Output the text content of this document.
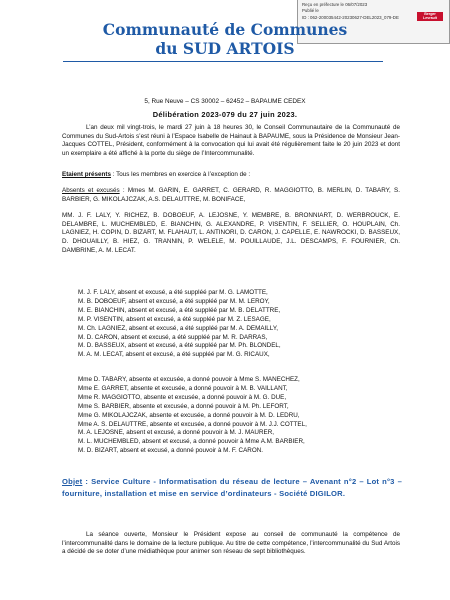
Reçu en préfecture le 06/07/2023
Publié le
ID : 062-200035442-20230627-DEL2023_079-DE
Berger Levrault
Communauté de Communes
du SUD ARTOIS
5, Rue Neuve – CS 30002 – 62452 – BAPAUME CEDEX
Délibération 2023-079 du 27 juin 2023.
L’an deux mil vingt-trois, le mardi 27 juin à 18 heures 30, le Conseil Communautaire de la Communauté de Communes du Sud-Artois s’est réuni à l’Espace Isabelle de Hainaut à BAPAUME, sous la Présidence de Monsieur Jean-Jacques COTTEL, Président, conformément à la convocation qui lui avait été régulièrement faite le 20 juin 2023 et dont un exemplaire a été affiché à la porte du siège de l’Intercommunalité.
Etaient présents : Tous les membres en exercice à l’exception de :
Absents et excusés : Mmes M. GARIN, E. GARRET, C. GERARD, R. MAGGIOTTO, B. MERLIN, D. TABARY, S. BARBIER, G. MIKOLAJCZAK, A.S. DELAUTTRE, M. BONIFACE,
MM. J. F. LALY, Y. RICHEZ, B. DOBOEUF, A. LEJOSNE, Y. MEMBRE, B. BRONNIART, D. WERBROUCK, E. DELAMBRE, L. MUCHEMBLED, E. BIANCHIN, G. ALEXANDRE, P. VISENTIN, F. SELLIER, O. HOUPLAIN, Ch. LAGNIEZ, H. COPIN, D. BIZART, M. FLAHAUT, L. ANTINORI, D. CARON, J. CAPELLE, E. NAWROCKI, D. BASSEUX, D. DHOUAILLY, B. HIEZ, G. TRANNIN, P. WELELE, M. POUILLAUDE, J.L. DESCAMPS, F. FOURNIER, Ch. DAMBRINE, A. M. LECAT.
M. J. F. LALY, absent et excusé, a été suppléé par M. G. LAMOTTE,
M. B. DOBOEUF, absent et excusé, a été suppléé par M. M. LEROY,
M. E. BIANCHIN, absent et excusé, a été suppléé par M. B. DELATTRE,
M. P. VISENTIN, absent et excusé, a été suppléé par M. Z. LESAGE,
M. Ch. LAGNIEZ, absent et excusé, a été suppléé par M. A. DEMAILLY,
M. D. CARON, absent et excusé, a été suppléé par M. R. DARRAS,
M. D. BASSEUX, absent et excusé, a été suppléé par M. Ph. BLONDEL,
M. A. M. LECAT, absent et excusé, a été suppléé par M. G. RICAUX,
Mme D. TABARY, absente et excusée, a donné pouvoir à Mme S. MANECHEZ,
Mme E. GARRET, absente et excusée, a donné pouvoir à M. B. VAILLANT,
Mme R. MAGGIOTTO, absente et excusée, a donné pouvoir à M. G. DUE,
Mme S. BARBIER, absente et excusée, a donné pouvoir à M. Ph. LEFORT,
Mme G. MIKOLAJCZAK, absente et excusée, a donné pouvoir à M. D. LEDRU,
Mme A. S. DELAUTTRE, absente et excusée, a donné pouvoir à M. J.J. COTTEL,
M. A. LEJOSNE, absent et excusé, a donné pouvoir à M. J. MAURER,
M. L. MUCHEMBLED, absent et excusé, a donné pouvoir à Mme A.M. BARBIER,
M. D. BIZART, absent et excusé, a donné pouvoir à M. F. CARON.
Objet : Service Culture - Informatisation du réseau de lecture – Avenant n°2 – Lot n°3 – fourniture, installation et mise en service d’ordinateurs - Société DIGILOR.
La séance ouverte, Monsieur le Président expose au conseil de communauté la compétence de l’intercommunalité dans le domaine de la lecture publique. Au titre de cette compétence, l’intercommunalité du Sud Artois a décidé de se doter d’une médiathèque pour animer son réseau de sept bibliothèques.
